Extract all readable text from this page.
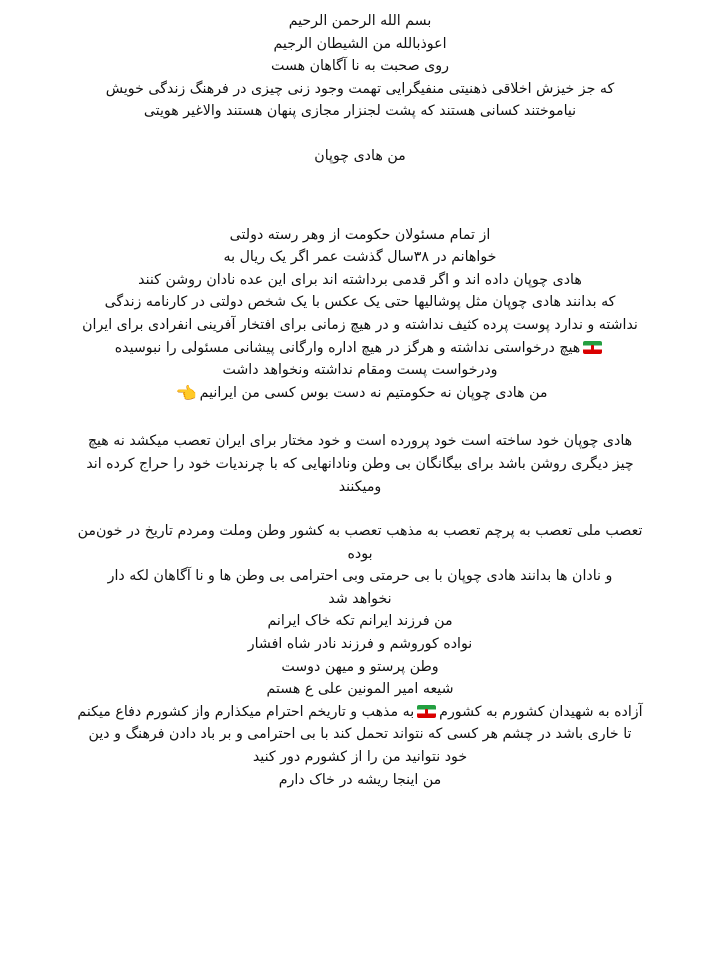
بسم الله الرحمن الرحیم
اعوذبالله من الشیطان الرجیم
روی صحبت به نا آگاهان هست
که جز خیزش اخلاقی ذهنیتی منفیگرایی تهمت وجود زنی چیزی در فرهنگ زندگی خویش
نیاموختند کسانی هستند که پشت لجنزار مجازی پنهان هستند والاغیر هویتی
من هادی چوپان
از تمام مسئولان حکومت از وهر رسته دولتی
خواهانم در ۳۸سال گذشت عمر اگر یک ریال به
هادی چوپان داده اند و اگر قدمی برداشته اند برای این عده نادان روشن کنند
که بدانند هادی چوپان مثل پوشالیها حتی یک عکس با یک شخص دولتی در کارنامه زندگی
نداشته و ندارد پوست پرده کثیف نداشته و در هیچ زمانی برای افتخار آفرینی انفرادی برای ایران
هیچ درخواستی نداشته و هرگز در هیچ اداره وارگانی پیشانی مسئولی را نبوسیده
ودرخواست پست ومقام نداشته ونخواهد داشت
من هادی چوپان نه حکومتیم نه دست بوس کسی من ایرانیم👈
هادی چوپان خود ساخته است خود پرورده است و خود مختار برای ایران تعصب میکشد نه هیچ
چیز دیگری روشن باشد برای بیگانگان بی وطن ونادانهایی که با چرندیات خود را حراج کرده اند
ومیکنند
تعصب ملی تعصب به پرچم تعصب به مذهب تعصب به کشور وطن وملت ومردم تاریخ در خون‌من
بوده
و نادان ها بدانند هادی چوپان با بی حرمتی وبی احترامی بی وطن ها و نا آگاهان لکه دار
نخواهد شد
من فرزند ایرانم تکه خاک ایرانم
نواده کوروشم و فرزند نادر شاه افشار
وطن پرستو و میهن دوست
شیعه امیر المونین علی ع هستم
آزاده به شهیدان کشورم به کشورمبه مذهب و تاریخم احترام میکذارم واز کشورم دفاع میکنم
تا خاری باشد در چشم هر کسی که نتواند تحمل کند با بی احترامی و بر باد دادن فرهنگ و دین
خود نتوانید من را از کشورم دور کنید
من اینجا ریشه در خاک دارم
